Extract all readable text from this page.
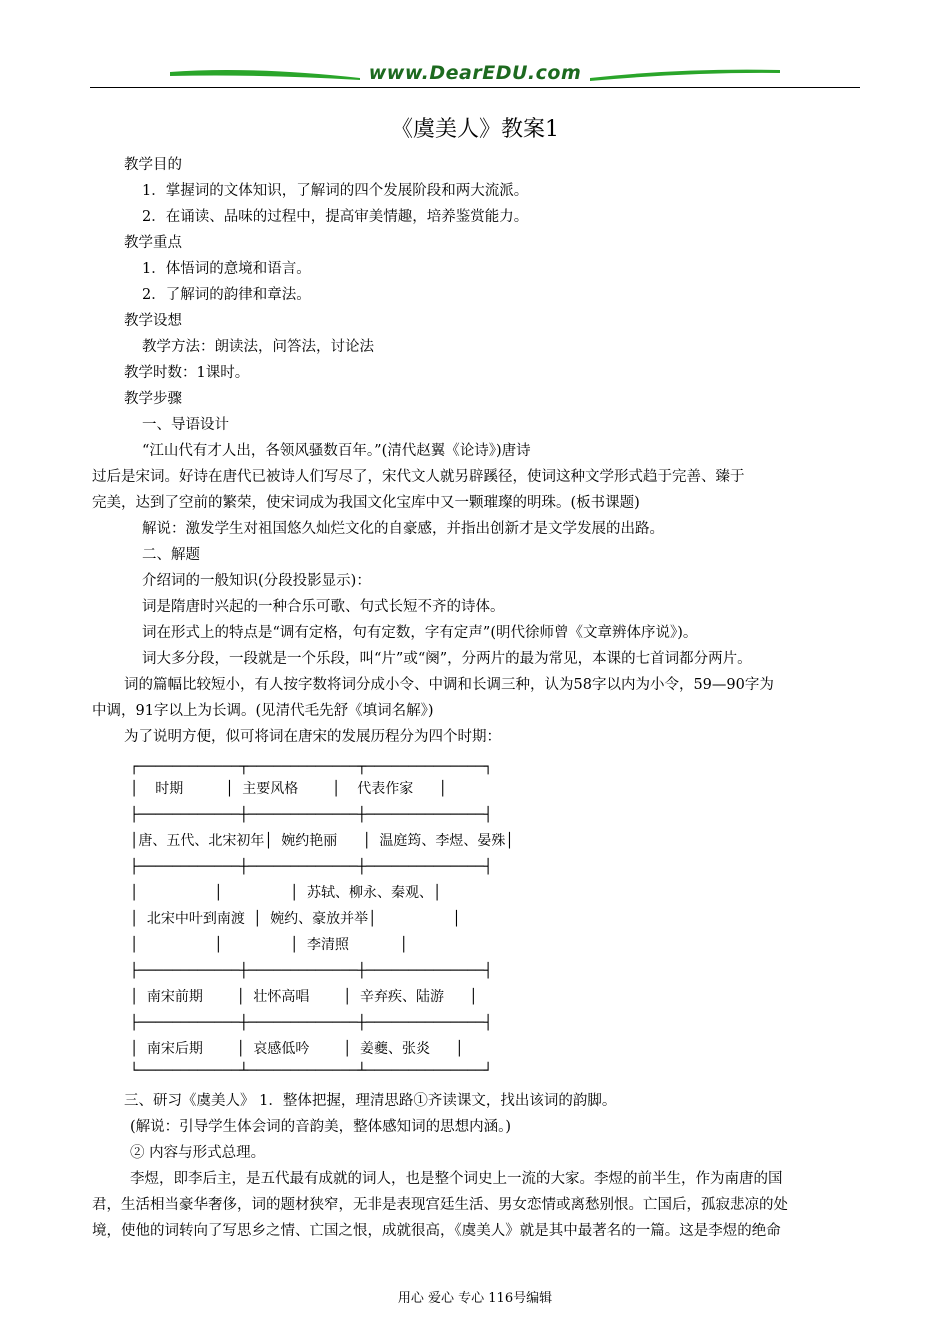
www.DearEDU.com
《虞美人》教案1
教学目的
1．掌握词的文体知识，了解词的四个发展阶段和两大流派。
2．在诵读、品味的过程中，提高审美情趣，培养鉴赏能力。
教学重点
1．体悟词的意境和语言。
2．了解词的韵律和章法。
教学设想
教学方法：朗读法，问答法，讨论法
教学时数：1课时。
教学步骤
一、导语设计
“江山代有才人出，各领风骚数百年。”(清代赵翼《论诗》)唐诗
过后是宋词。好诗在唐代已被诗人们写尽了，宋代文人就另辟蹊径，使词这种文学形式趋于完善、臻于
完美，达到了空前的繁荣，使宋词成为我国文化宝库中又一颗璀璨的明珠。(板书课题)
解说：激发学生对祖国悠久灿烂文化的自豪感，并指出创新才是文学发展的出路。
二、解题
介绍词的一般知识(分段投影显示)：
词是隋唐时兴起的一种合乐可歌、句式长短不齐的诗体。
词在形式上的特点是“调有定格，句有定数，字有定声”(明代徐师曾《文章辨体序说》)。
词大多分段，一段就是一个乐段，叫“片”或“阕”，分两片的最为常见，本课的七首词都分两片。
词的篇幅比较短小，有人按字数将词分成小令、中调和长调三种，认为58字以内为小令，59—90字为
中调，91字以上为长调。(见清代毛先舒《填词名解》)
为了说明方便，似可将词在唐宋的发展历程分为四个时期：
┌────────────┬─────────────┬──────────────┐
│  时期     │ 主要风格    │  代表作家   │
├────────────┼─────────────┼──────────────┤
│唐、五代、北宋初年│ 婉约艳丽   │ 温庭筠、李煜、晏殊│
├────────────┼─────────────┼──────────────┤
│         │        │ 苏轼、柳永、秦观、│
│ 北宋中叶到南渡 │ 婉约、豪放并举│         │
│         │        │ 李清照      │
├────────────┼─────────────┼──────────────┤
│ 南宋前期    │ 壮怀高唱    │ 辛弃疾、陆游   │
├────────────┼─────────────┼──────────────┤
│ 南宋后期    │ 哀感低吟    │ 姜夔、张炎   │
└────────────┴─────────────┴──────────────┘
三、研习《虞美人》 1．整体把握，理清思路①齐读课文，找出该词的韵脚。
(解说：引导学生体会词的音韵美，整体感知词的思想内涵。)
② 内容与形式总理。
李煜，即李后主，是五代最有成就的词人，也是整个词史上一流的大家。李煜的前半生，作为南唐的国
君，生活相当豪华奢侈，词的题材狭窄，无非是表现宫廷生活、男女恋情或离愁别恨。亡国后，孤寂悲凉的处
境，使他的词转向了写思乡之情、亡国之恨，成就很高，《虞美人》就是其中最著名的一篇。这是李煜的绝命
用心 爱心 专心 116号编辑
